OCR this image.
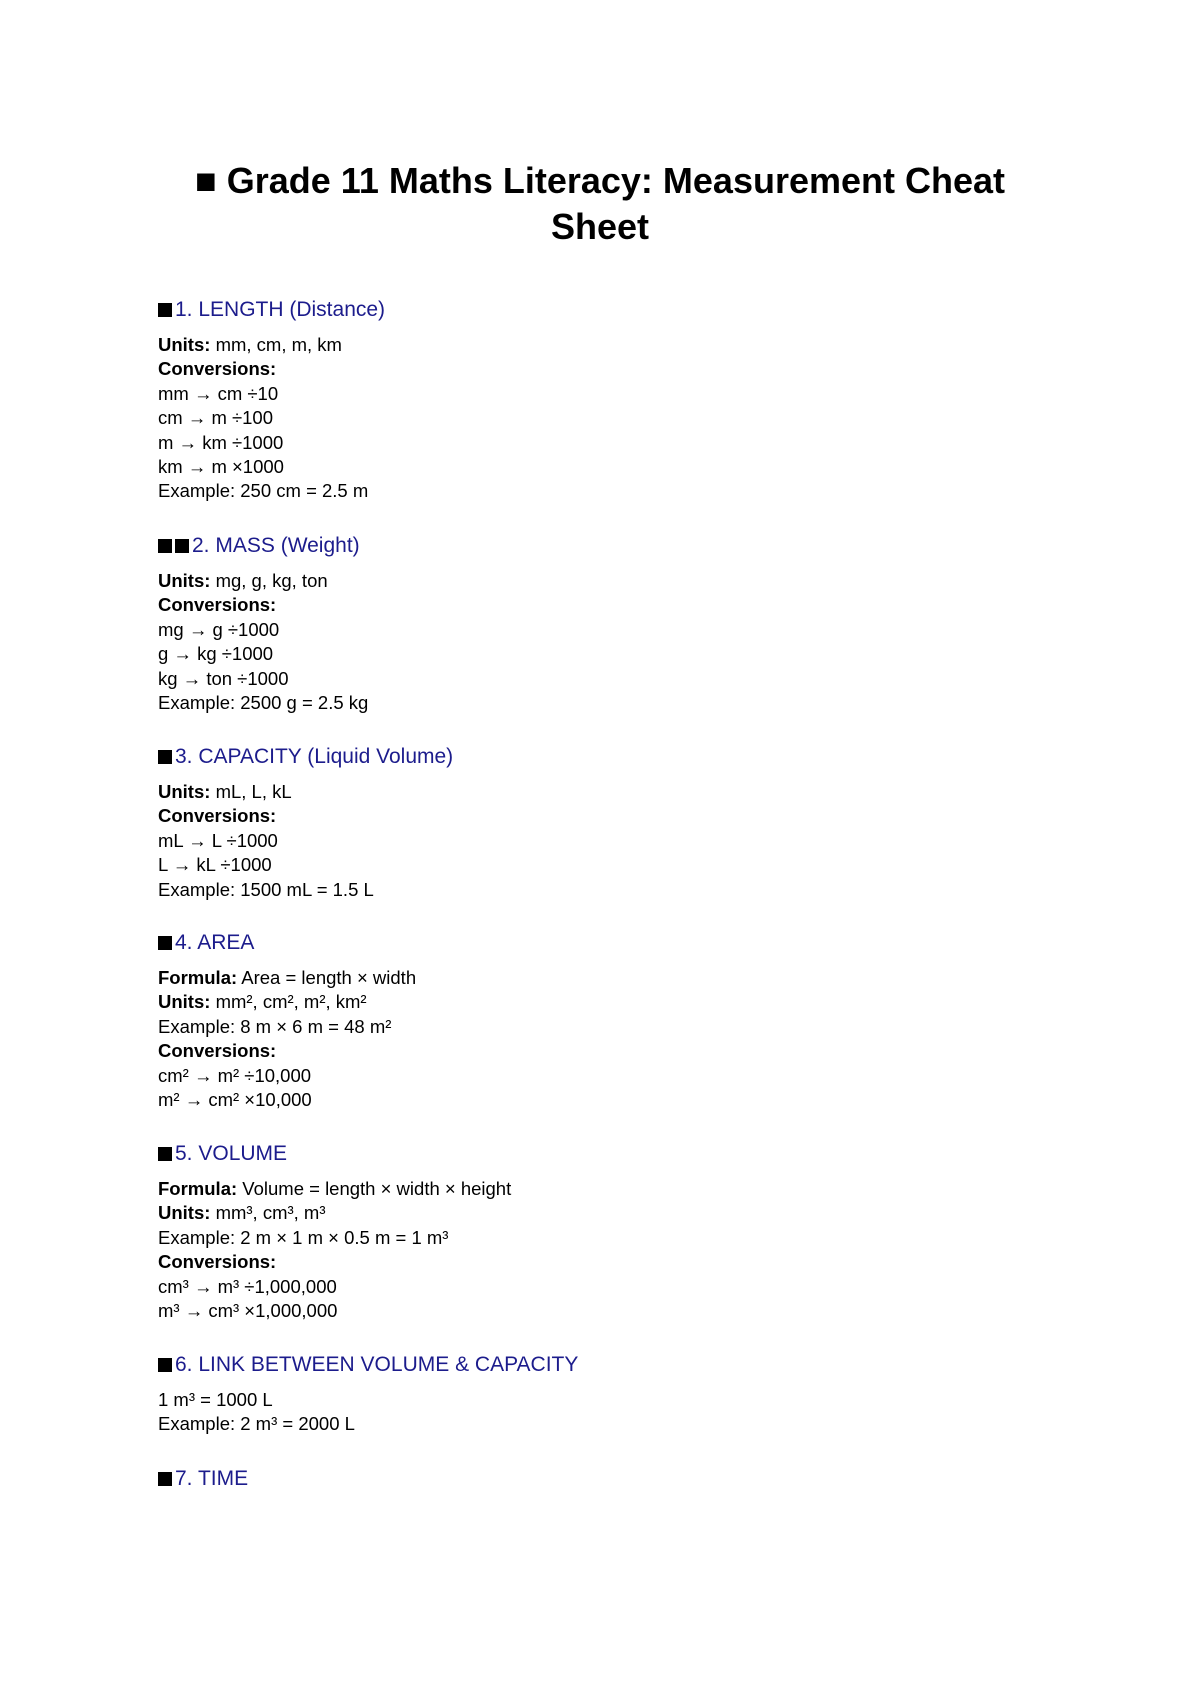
■ Grade 11 Maths Literacy: Measurement Cheat Sheet
1. LENGTH (Distance)
Units: mm, cm, m, km
Conversions:
mm → cm ÷10
cm → m ÷100
m → km ÷1000
km → m ×1000
Example: 250 cm = 2.5 m
2. MASS (Weight)
Units: mg, g, kg, ton
Conversions:
mg → g ÷1000
g → kg ÷1000
kg → ton ÷1000
Example: 2500 g = 2.5 kg
3. CAPACITY (Liquid Volume)
Units: mL, L, kL
Conversions:
mL → L ÷1000
L → kL ÷1000
Example: 1500 mL = 1.5 L
4. AREA
Formula: Area = length × width
Units: mm², cm², m², km²
Example: 8 m × 6 m = 48 m²
Conversions:
cm² → m² ÷10,000
m² → cm² ×10,000
5. VOLUME
Formula: Volume = length × width × height
Units: mm³, cm³, m³
Example: 2 m × 1 m × 0.5 m = 1 m³
Conversions:
cm³ → m³ ÷1,000,000
m³ → cm³ ×1,000,000
6. LINK BETWEEN VOLUME & CAPACITY
1 m³ = 1000 L
Example: 2 m³ = 2000 L
7. TIME
